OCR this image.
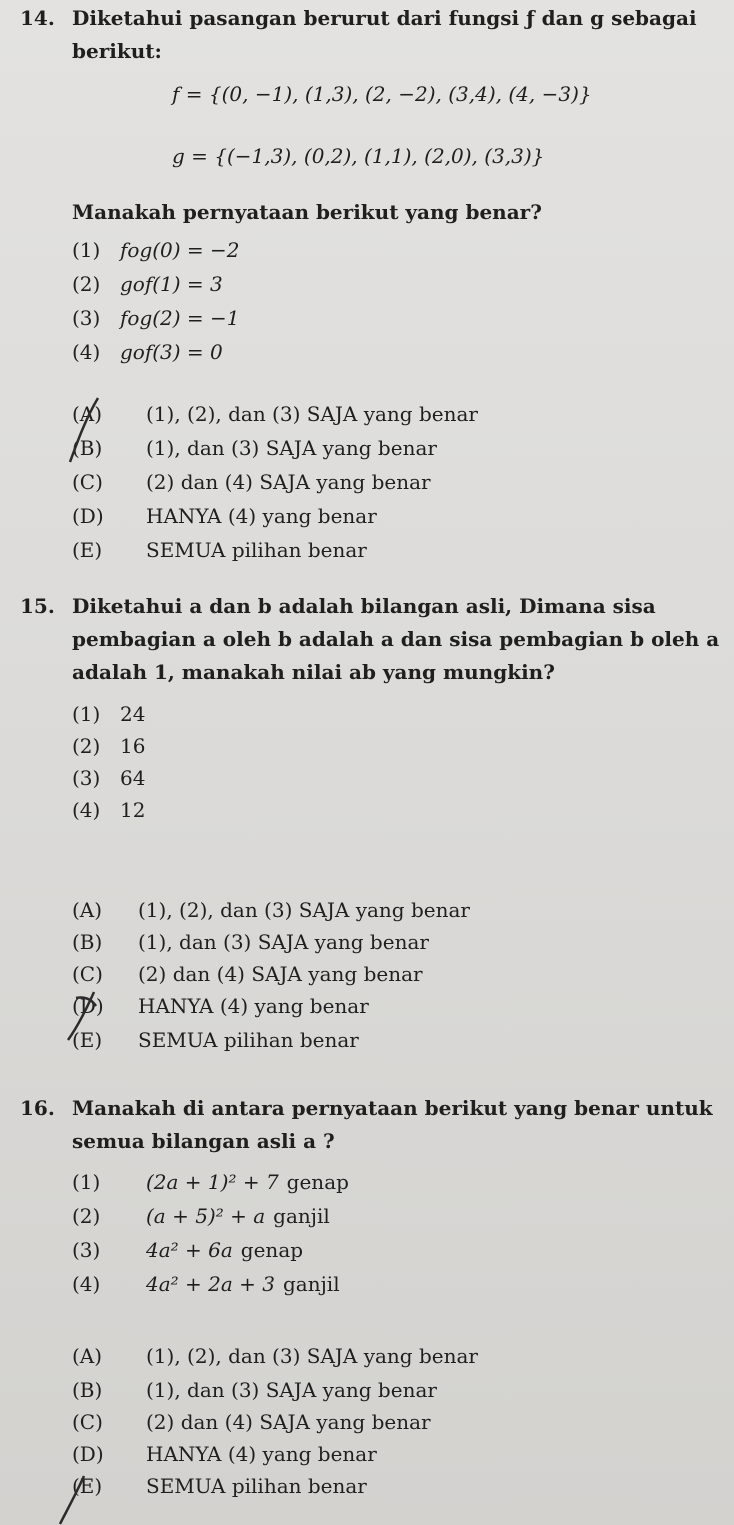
14. Diketahui pasangan berurut dari fungsi ƒ dan g sebagai
berikut:
f = {(0, −1), (1,3), (2, −2), (3,4), (4, −3)}
g = {(−1,3), (0,2), (1,1), (2,0), (3,3)}
Manakah pernyataan berikut yang benar?
(1) fog(0) = −2
(2) gof(1) = 3
(3) fog(2) = −1
(4) gof(3) = 0
(A)	(1), (2), dan (3) SAJA yang benar
(B)	(1), dan (3) SAJA yang benar
(C)	(2) dan (4) SAJA yang benar
(D)	HANYA (4) yang benar
(E)	SEMUA pilihan benar
15. Diketahui a dan b adalah bilangan asli, Dimana sisa
pembagian a oleh b adalah a dan sisa pembagian b oleh a
adalah 1, manakah nilai ab yang mungkin?
(1) 24
(2) 16
(3) 64
(4) 12
(A)	(1), (2), dan (3) SAJA yang benar
(B)	(1), dan (3) SAJA yang benar
(C)	(2) dan (4) SAJA yang benar
(D)	HANYA (4) yang benar
(E)	SEMUA pilihan benar
16. Manakah di antara pernyataan berikut yang benar untuk
semua bilangan asli a ?
(1)	(2a + 1)² + 7 genap
(2)	(a + 5)² + a ganjil
(3)	4a² + 6a genap
(4)	4a² + 2a + 3 ganjil
(A)	(1), (2), dan (3) SAJA yang benar
(B)	(1), dan (3) SAJA yang benar
(C)	(2) dan (4) SAJA yang benar
(D)	HANYA (4) yang benar
(E)	SEMUA pilihan benar
